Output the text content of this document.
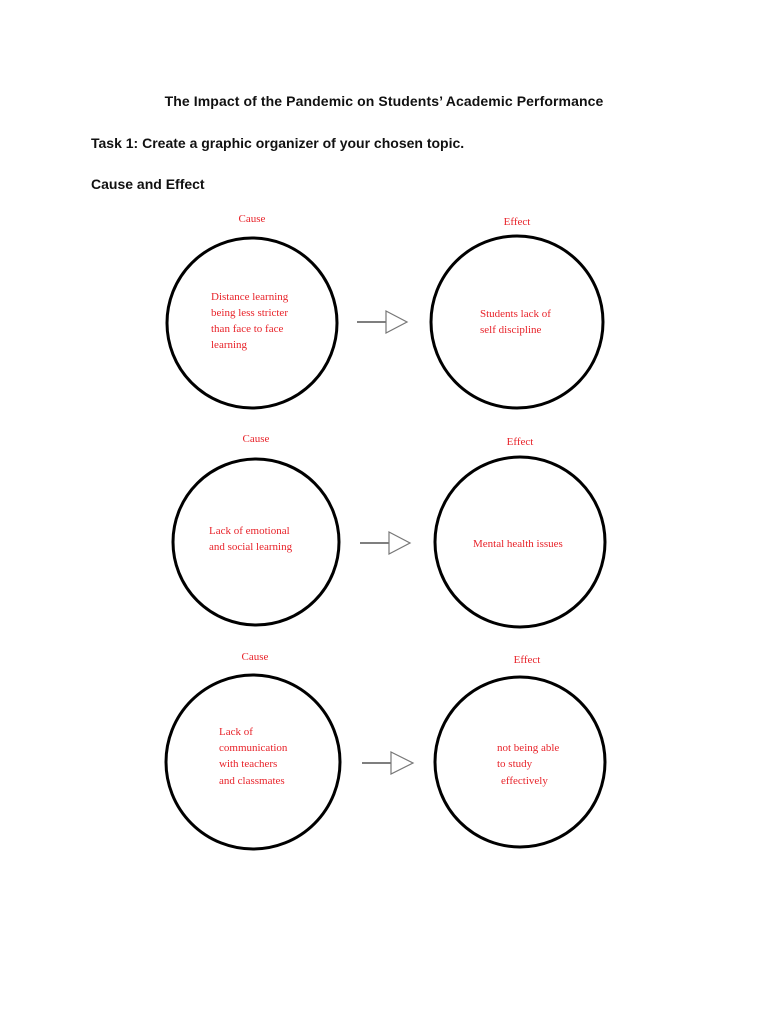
The Impact of the Pandemic on Students’ Academic Performance
Task 1: Create a graphic organizer of your chosen topic.
Cause and Effect
Cause	Effect
Distance learning
being less stricter
than face to face
learning
Students lack of
self discipline
Cause	Effect
Lack of emotional
and social learning	Mental health issues
Cause	Effect
Lack of
communication
with teachers
and classmates
not being able
to study
effectively
